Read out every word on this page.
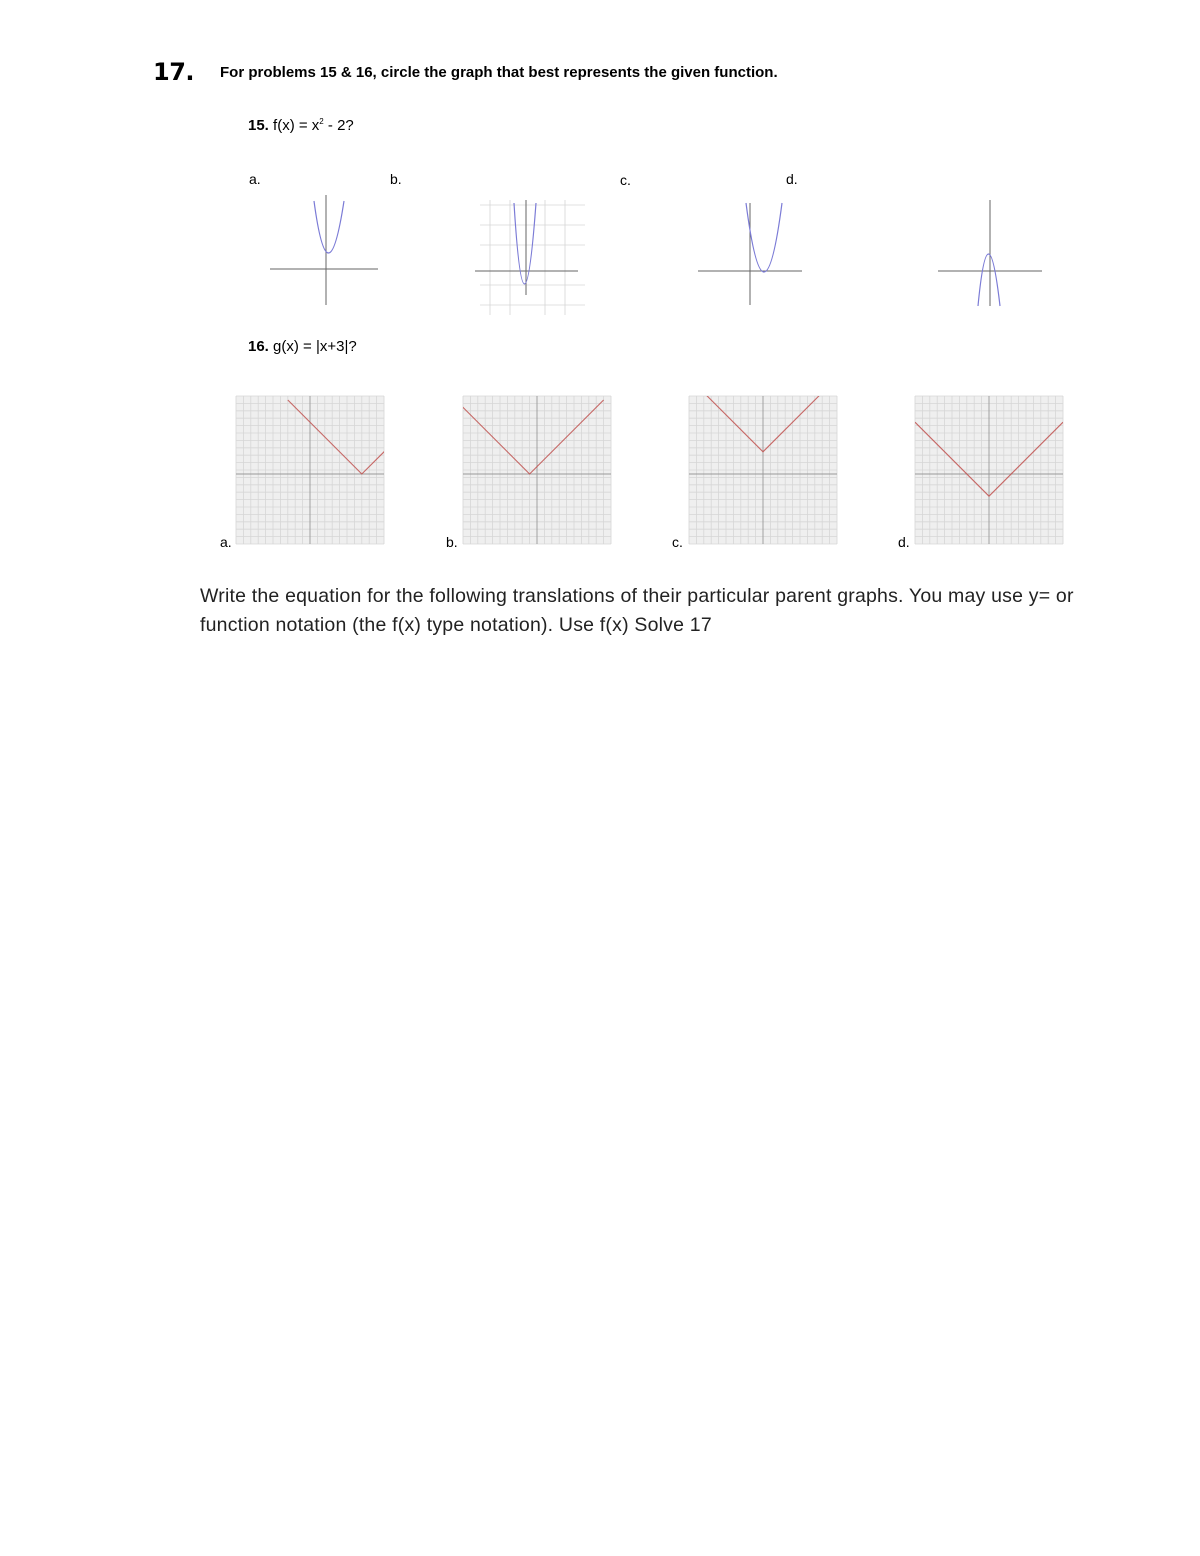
17. For problems 15 & 16, circle the graph that best represents the given function.
15. $f(x) = x^2 - 2$?
a.	b.	c.	d.
16. g(x) = |x+3|?
a.	b.	c.	d.
Write the equation for the following translations of their particular parent graphs. You may use y= or function notation (the f(x) type notation). Use f(x) Solve 17
